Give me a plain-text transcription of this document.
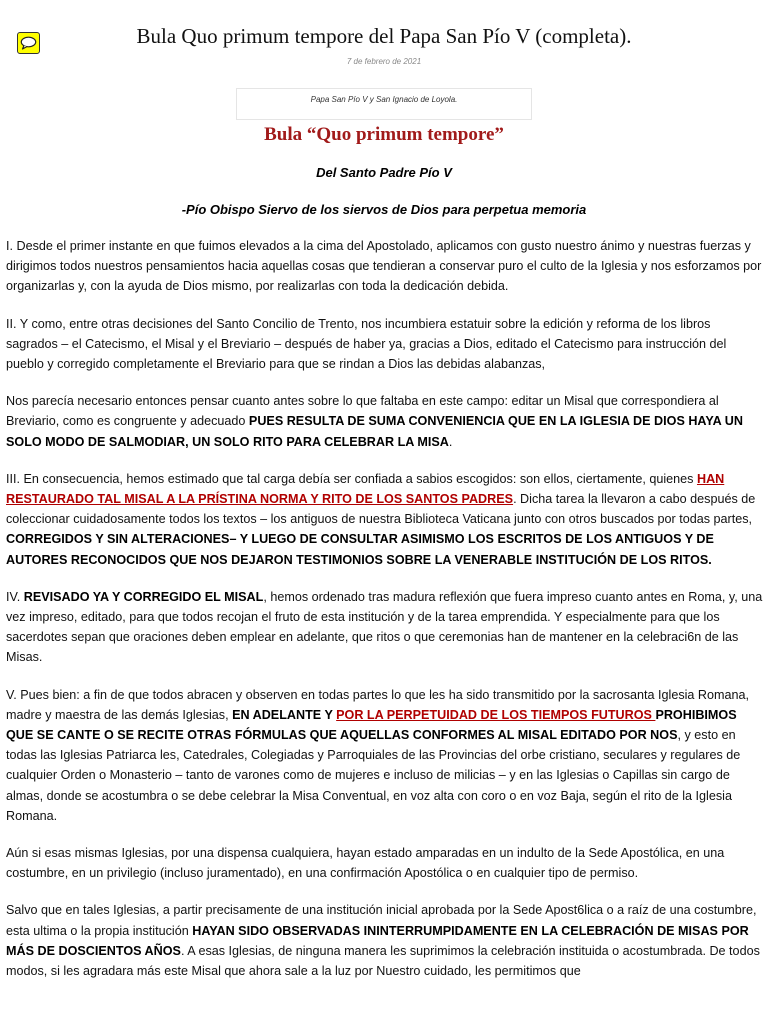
Bula Quo primum tempore del Papa San Pío V (completa).
7 de febrero de 2021
Papa San Pío V y San Ignacio de Loyola.
Bula “Quo primum tempore”
Del Santo Padre Pío V
-Pío Obispo Siervo de los siervos de Dios para perpetua memoria

I. Desde el primer instante en que fuimos elevados a la cima del Apostolado, aplicamos con gusto nuestro ánimo y nuestras fuerzas y dirigimos todos nuestros pensamientos hacia aquellas cosas que tendieran a conservar puro el culto de la Iglesia y nos esforzamos por organizarlas y, con la ayuda de Dios mismo, por realizarlas con toda la dedicación debida.

II. Y como, entre otras decisiones del Santo Concilio de Trento, nos incumbiera estatuir sobre la edición y reforma de los libros sagrados – el Catecismo, el Misal y el Breviario – después de haber ya, gracias a Dios, editado el Catecismo para instrucción del pueblo y corregido completamente el Breviario para que se rindan a Dios las debidas alabanzas,

Nos parecía necesario entonces pensar cuanto antes sobre lo que faltaba en este campo: editar un Misal que correspondiera al Breviario, como es congruente y adecuado PUES RESULTA DE SUMA CONVENIENCIA QUE EN LA IGLESIA DE DIOS HAYA UN SOLO MODO DE SALMODIAR, UN SOLO RITO PARA CELEBRAR LA MISA.

III. En consecuencia, hemos estimado que tal carga debía ser confiada a sabios escogidos: son ellos, ciertamente, quienes HAN RESTAURADO TAL MISAL A LA PRÍSTINA NORMA Y RITO DE LOS SANTOS PADRES. Dicha tarea la llevaron a cabo después de coleccionar cuidadosamente todos los textos – los antiguos de nuestra Biblioteca Vaticana junto con otros buscados por todas partes, CORREGIDOS Y SIN ALTERACIONES– Y LUEGO DE CONSULTAR ASIMISMO LOS ESCRITOS DE LOS ANTIGUOS Y DE AUTORES RECONOCIDOS QUE NOS DEJARON TESTIMONIOS SOBRE LA VENERABLE INSTITUCIÓN DE LOS RITOS.

IV. REVISADO YA Y CORREGIDO EL MISAL, hemos ordenado tras madura reflexión que fuera impreso cuanto antes en Roma, y, una vez impreso, editado, para que todos recojan el fruto de esta institución y de la tarea emprendida. Y especialmente para que los sacerdotes sepan que oraciones deben emplear en adelante, que ritos o que ceremonias han de mantener en la celebraci6n de las Misas.

V. Pues bien: a fin de que todos abracen y observen en todas partes lo que les ha sido transmitido por la sacrosanta Iglesia Romana, madre y maestra de las demás Iglesias, EN ADELANTE Y POR LA PERPETUIDAD DE LOS TIEMPOS FUTUROS PROHIBIMOS QUE SE CANTE O SE RECITE OTRAS FÓRMULAS QUE AQUELLAS CONFORMES AL MISAL EDITADO POR NOS, y esto en todas las Iglesias Patriarca les, Catedrales, Colegiadas y Parroquiales de las Provincias del orbe cristiano, seculares y regulares de cualquier Orden o Monasterio – tanto de varones como de mujeres e incluso de milicias – y en las Iglesias o Capillas sin cargo de almas, donde se acostumbra o se debe celebrar la Misa Conventual, en voz alta con coro o en voz Baja, según el rito de la Iglesia Romana.

Aún si esas mismas Iglesias, por una dispensa cualquiera, hayan estado amparadas en un indulto de la Sede Apostólica, en una costumbre, en un privilegio (incluso juramentado), en una confirmación Apostólica o en cualquier tipo de permiso.

Salvo que en tales Iglesias, a partir precisamente de una institución inicial aprobada por la Sede Apost6lica o a raíz de una costumbre, esta ultima o la propia institución HAYAN SIDO OBSERVADAS ININTERRUMPIDAMENTE EN LA CELEBRACIÓN DE MISAS POR MÁS DE DOSCIENTOS AÑOS. A esas Iglesias, de ninguna manera les suprimimos la celebración instituida o acostumbrada. De todos modos, si les agradara más este Misal que ahora sale a la luz por Nuestro cuidado, les permitimos que
